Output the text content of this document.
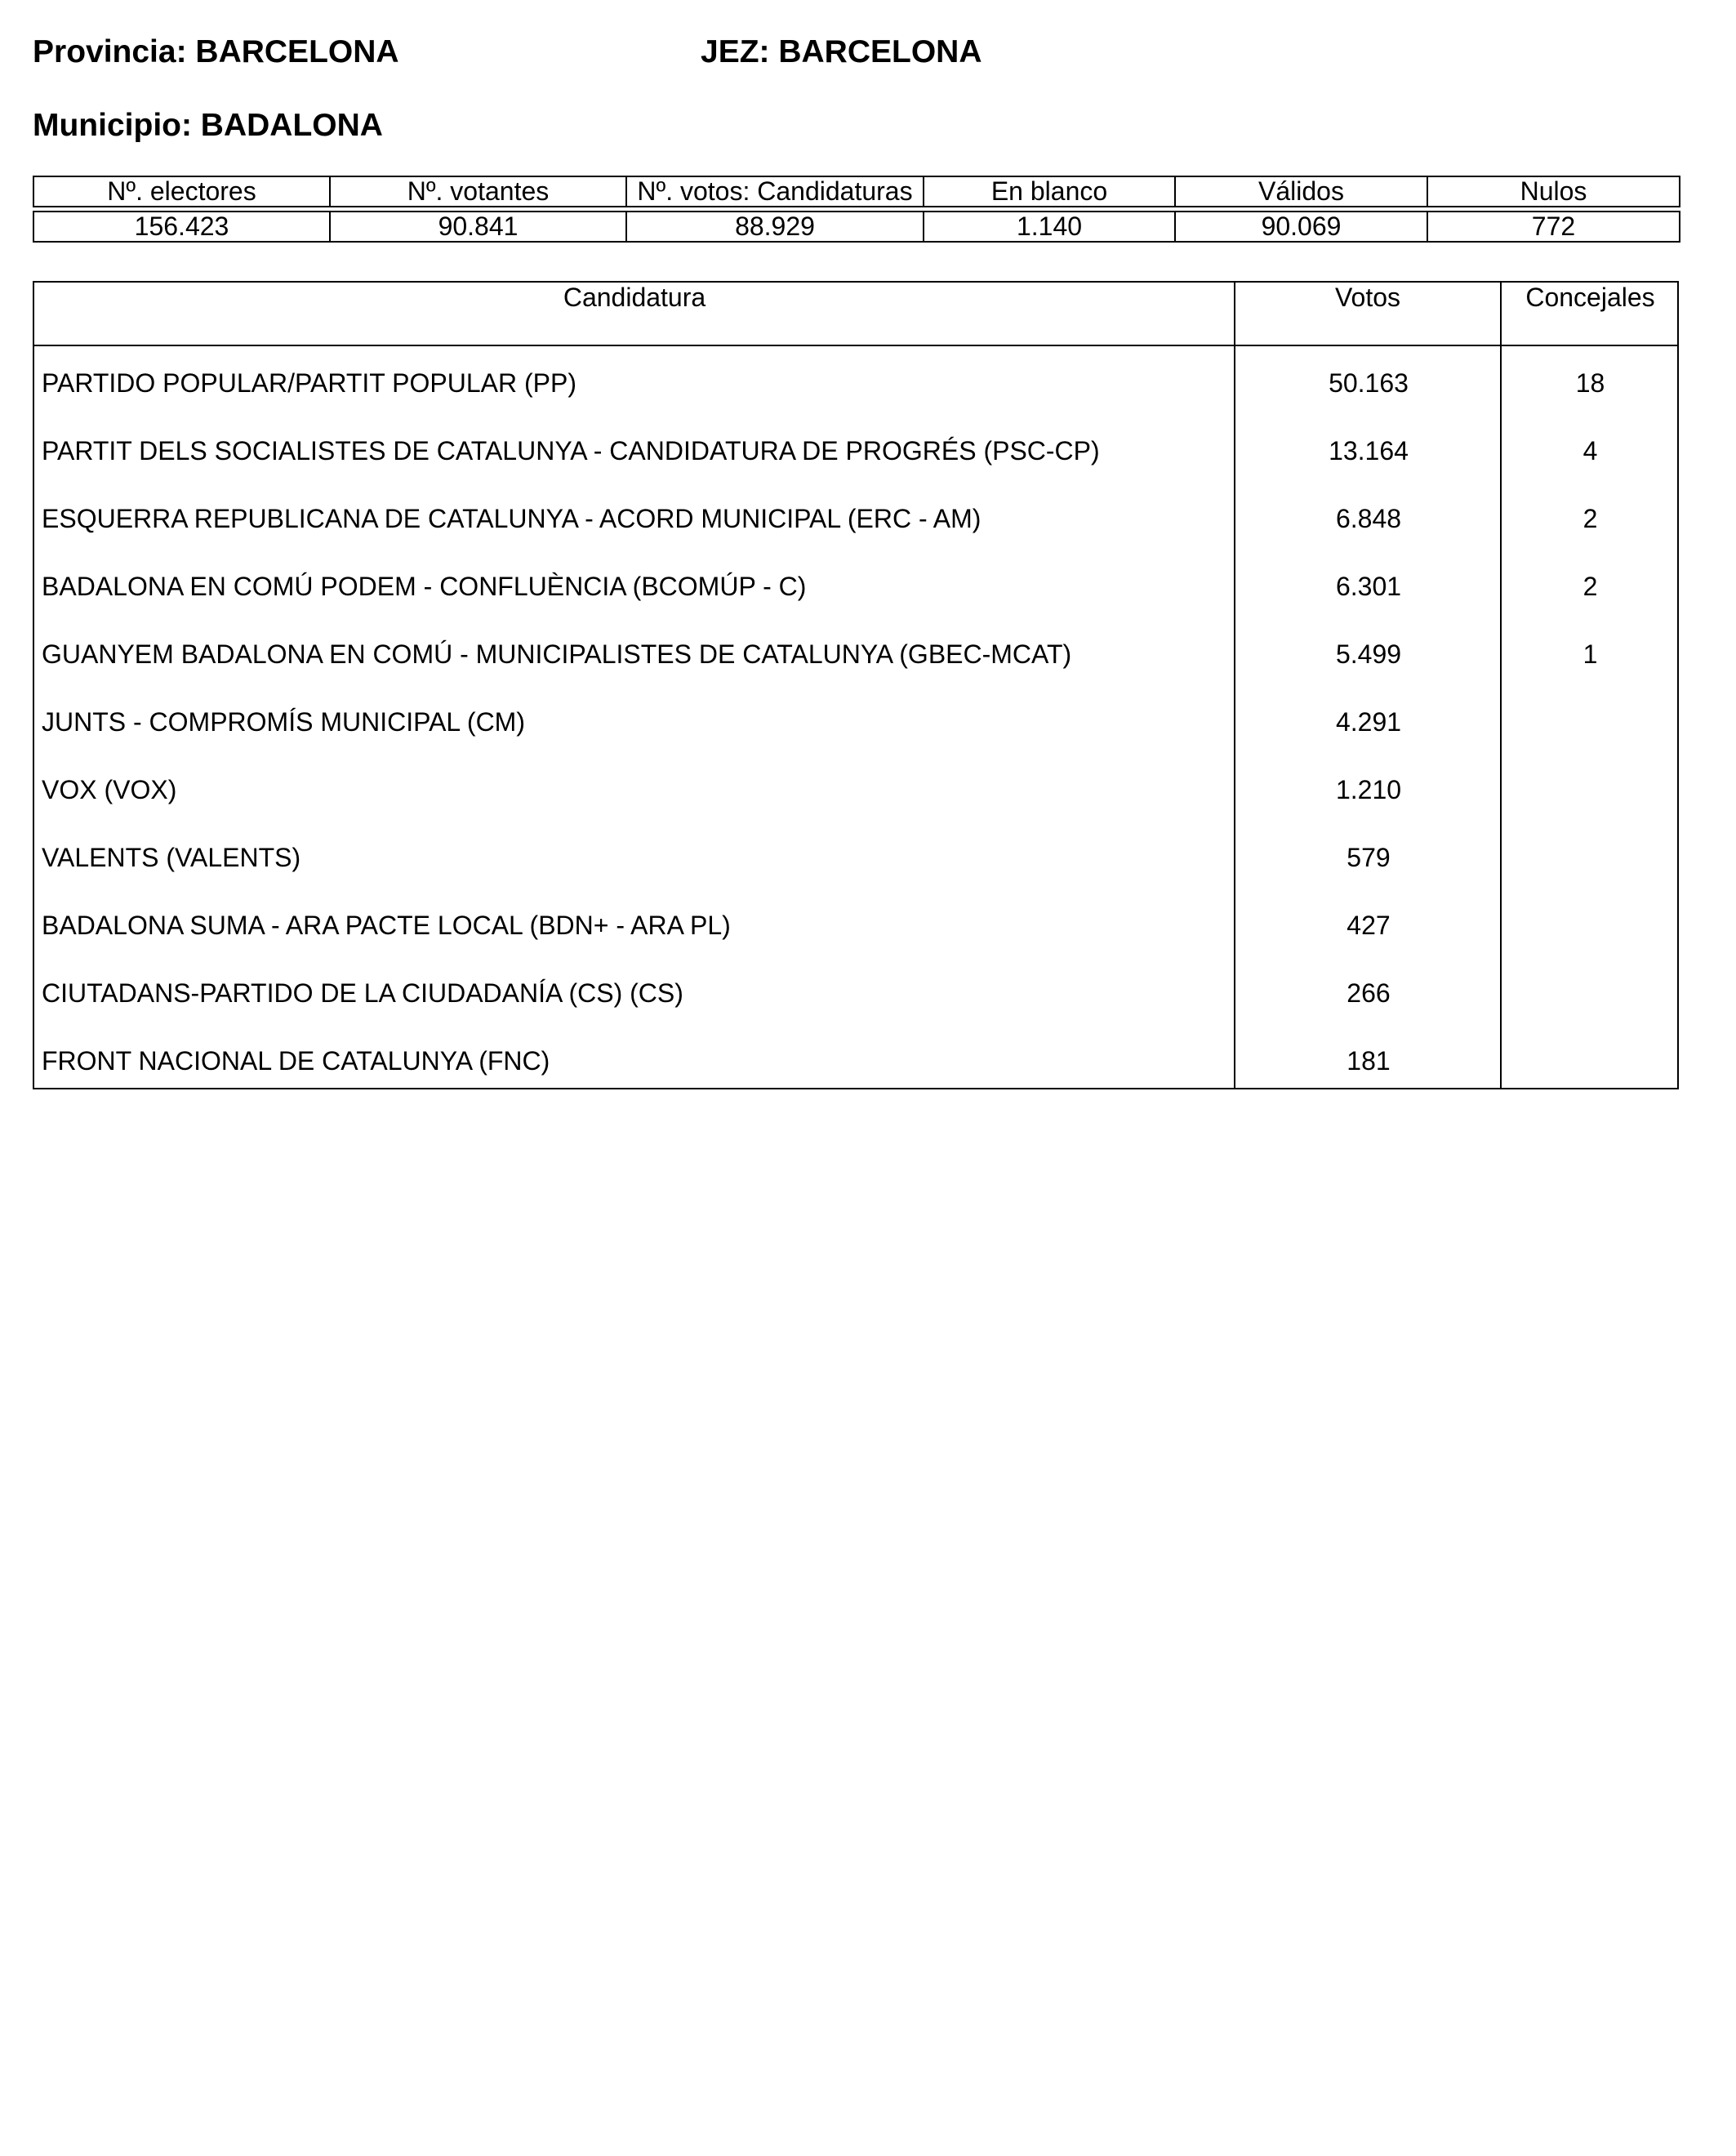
Provincia: BARCELONA	JEZ: BARCELONA
Municipio: BADALONA
Nº. electores	Nº. votantes	Nº. votos: Candidaturas	En blanco	Válidos	Nulos

156.423	90.841	88.929	1.140	90.069	772
Candidatura	Votos	Concejales
PARTIDO POPULAR/PARTIT POPULAR (PP)	50.163	18
PARTIT DELS SOCIALISTES DE CATALUNYA - CANDIDATURA DE PROGRÉS (PSC-CP)	13.164	4
ESQUERRA REPUBLICANA DE CATALUNYA - ACORD MUNICIPAL (ERC - AM)	6.848	2
BADALONA EN COMÚ PODEM - CONFLUÈNCIA (BCOMÚP - C)	6.301	2
GUANYEM BADALONA EN COMÚ - MUNICIPALISTES DE CATALUNYA (GBEC-MCAT)	5.499	1
JUNTS - COMPROMÍS MUNICIPAL (CM)	4.291
VOX (VOX)	1.210
VALENTS (VALENTS)	579
BADALONA SUMA - ARA PACTE LOCAL (BDN+ - ARA PL)	427
CIUTADANS-PARTIDO DE LA CIUDADANÍA (CS) (CS)	266
FRONT NACIONAL DE CATALUNYA (FNC)	181
